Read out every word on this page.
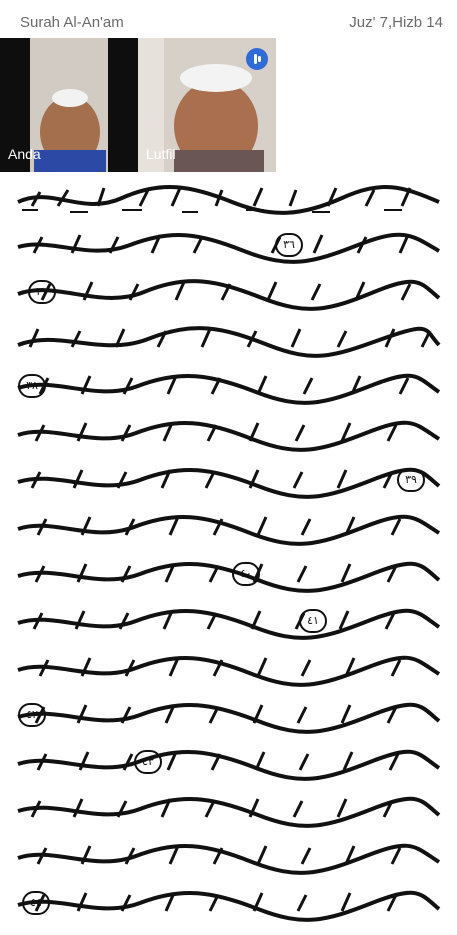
Surah Al-An'am	Juz' 7,Hizb 14
Anda	Lutfil
٣٦
٣٧
٣٨
٣٩
٤٠
٤١
٤٢
٤٣
٤٤
